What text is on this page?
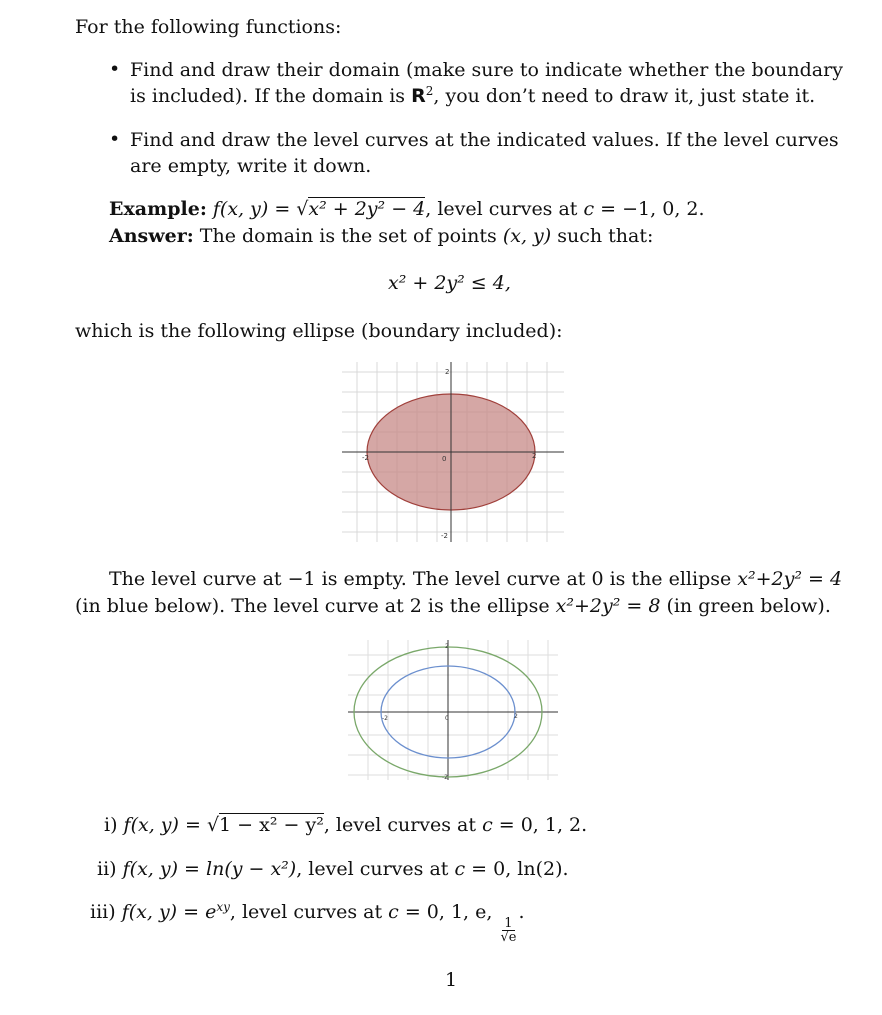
For the following functions:
• Find and draw their domain (make sure to indicate whether the boundary
is included). If the domain is $R^2$, you don’t need to draw it, just state it.
• Find and draw the level curves at the indicated values. If the level curves
are empty, write it down.
Example: f(x, y) = √x² + 2y² − 4, level curves at c = −1, 0, 2.
Answer: The domain is the set of points (x, y) such that:
x² + 2y² ≤ 4,
which is the following ellipse (boundary included):
2
-2	0	2
-2
The level curve at −1 is empty. The level curve at 0 is the ellipse x²+2y² = 4
(in blue below). The level curve at 2 is the ellipse x²+2y² = 8 (in green below).
2
-2	0	2
-2
i) f(x, y) = √1 − x² − y², level curves at c = 0, 1, 2.
ii) f(x, y) = ln(y − x²), level curves at c = 0, ln(2).
iii) f(x, $y) = e^{xy}$, level curves at c = 0, 1, e,
$\frac{1}{√e}$
.
1
